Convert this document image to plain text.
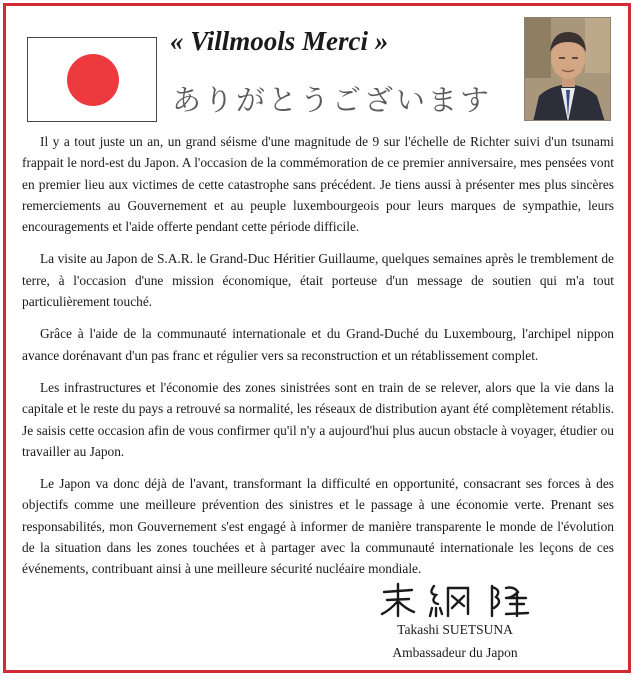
« Villmools Merci »
ありがとうございます

Il y a tout juste un an, un grand séisme d'une magnitude de 9 sur l'échelle de Richter suivi d'un tsunami frappait le nord-est du Japon. A l'occasion de la commémoration de ce premier anniversaire, mes pensées vont en premier lieu aux victimes de cette catastrophe sans précédent. Je tiens aussi à présenter mes plus sincères remerciements au Gouvernement et au peuple luxembourgeois pour leurs marques de sympathie, leurs encouragements et l'aide offerte pendant cette période difficile.

La visite au Japon de S.A.R. le Grand-Duc Héritier Guillaume, quelques semaines après le tremblement de terre, à l'occasion d'une mission économique, était porteuse d'un message de soutien qui m'a tout particulièrement touché.

Grâce à l'aide de la communauté internationale et du Grand-Duché du Luxembourg, l'archipel nippon avance dorénavant d'un pas franc et régulier vers sa reconstruction et un rétablissement complet.

Les infrastructures et l'économie des zones sinistrées sont en train de se relever, alors que la vie dans la capitale et le reste du pays a retrouvé sa normalité, les réseaux de distribution ayant été complètement rétablis. Je saisis cette occasion afin de vous confirmer qu'il n'y a aujourd'hui plus aucun obstacle à voyager, étudier ou travailler au Japon.

Le Japon va donc déjà de l'avant, transformant la difficulté en opportunité, consacrant ses forces à des objectifs comme une meilleure prévention des sinistres et le passage à une économie verte. Prenant ses responsabilités, mon Gouvernement s'est engagé à informer de manière transparente le monde de l'évolution de la situation dans les zones touchées et à partager avec la communauté internationale les leçons de ces événements, contribuant ainsi à une meilleure sécurité nucléaire mondiale.

Takashi SUETSUNA
Ambassadeur du Japon
